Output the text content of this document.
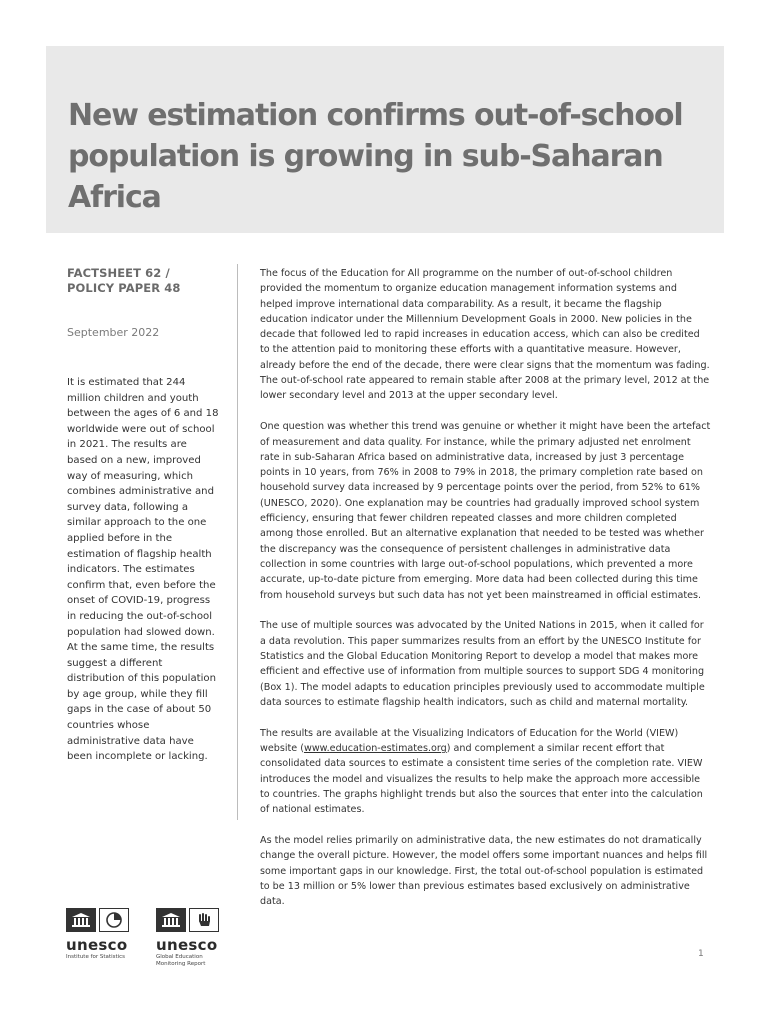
New estimation confirms out-of-school population is growing in sub-Saharan Africa
FACTSHEET 62 /
POLICY PAPER 48
September 2022

It is estimated that 244 million children and youth between the ages of 6 and 18 worldwide were out of school in 2021. The results are based on a new, improved way of measuring, which combines administrative and survey data, following a similar approach to the one applied before in the estimation of flagship health indicators. The estimates confirm that, even before the onset of COVID-19, progress in reducing the out-of-school population had slowed down. At the same time, the results suggest a different distribution of this population by age group, while they fill gaps in the case of about 50 countries whose administrative data have been incomplete or lacking.

The focus of the Education for All programme on the number of out-of-school children provided the momentum to organize education management information systems and helped improve international data comparability. As a result, it became the flagship education indicator under the Millennium Development Goals in 2000. New policies in the decade that followed led to rapid increases in education access, which can also be credited to the attention paid to monitoring these efforts with a quantitative measure. However, already before the end of the decade, there were clear signs that the momentum was fading. The out-of-school rate appeared to remain stable after 2008 at the primary level, 2012 at the lower secondary level and 2013 at the upper secondary level.

One question was whether this trend was genuine or whether it might have been the artefact of measurement and data quality. For instance, while the primary adjusted net enrolment rate in sub-Saharan Africa based on administrative data, increased by just 3 percentage points in 10 years, from 76% in 2008 to 79% in 2018, the primary completion rate based on household survey data increased by 9 percentage points over the period, from 52% to 61% (UNESCO, 2020). One explanation may be countries had gradually improved school system efficiency, ensuring that fewer children repeated classes and more children completed among those enrolled. But an alternative explanation that needed to be tested was whether the discrepancy was the consequence of persistent challenges in administrative data collection in some countries with large out-of-school populations, which prevented a more accurate, up-to-date picture from emerging. More data had been collected during this time from household surveys but such data has not yet been mainstreamed in official estimates.

The use of multiple sources was advocated by the United Nations in 2015, when it called for a data revolution. This paper summarizes results from an effort by the UNESCO Institute for Statistics and the Global Education Monitoring Report to develop a model that makes more efficient and effective use of information from multiple sources to support SDG 4 monitoring (Box 1). The model adapts to education principles previously used to accommodate multiple data sources to estimate flagship health indicators, such as child and maternal mortality.

The results are available at the Visualizing Indicators of Education for the World (VIEW) website (www.education-estimates.org) and complement a similar recent effort that consolidated data sources to estimate a consistent time series of the completion rate. VIEW introduces the model and visualizes the results to help make the approach more accessible to countries. The graphs highlight trends but also the sources that enter into the calculation of national estimates.

As the model relies primarily on administrative data, the new estimates do not dramatically change the overall picture. However, the model offers some important nuances and helps fill some important gaps in our knowledge. First, the total out-of-school population is estimated to be 13 million or 5% lower than previous estimates based exclusively on administrative data.

unesco
Institute for Statistics
unesco
Global Education Monitoring Report
1
